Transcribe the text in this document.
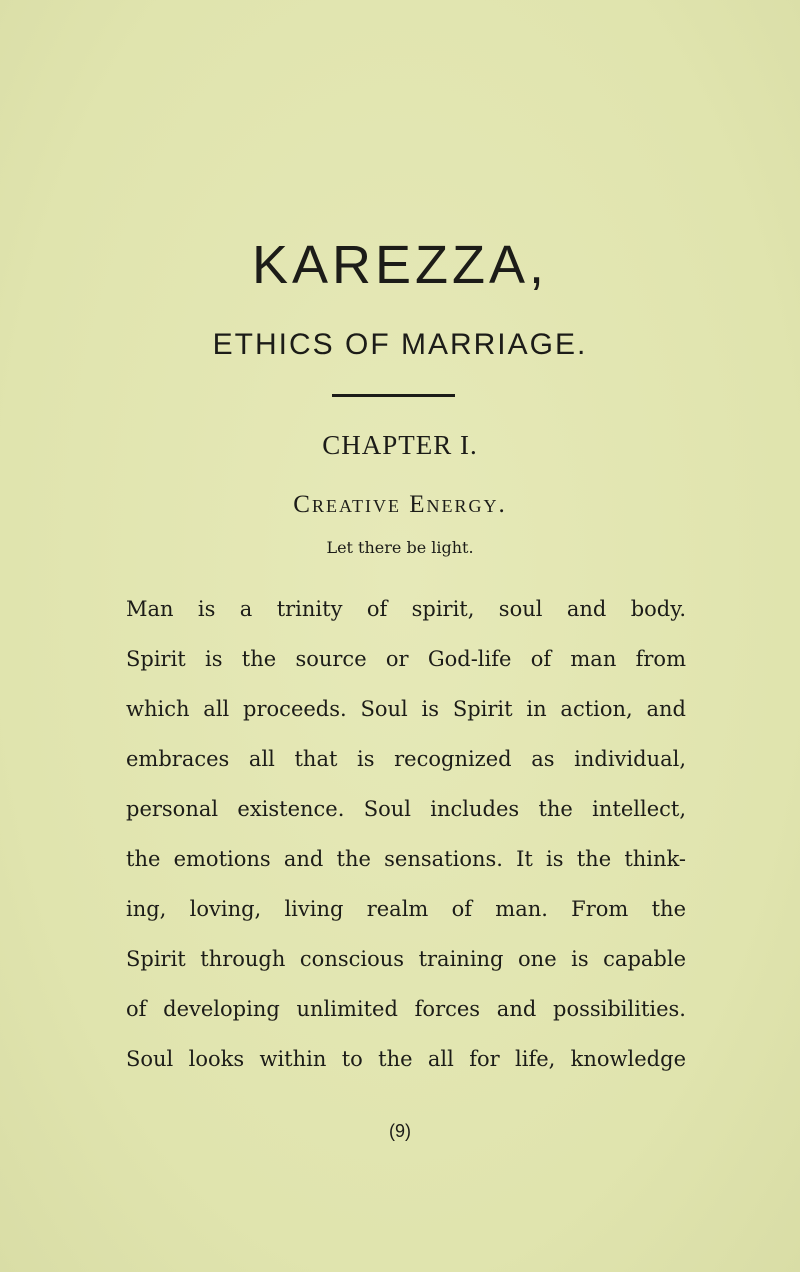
KAREZZA,
ETHICS OF MARRIAGE.
CHAPTER I.
Creative Energy.
Let there be light.
Man is a trinity of spirit, soul and body.
Spirit is the source or God-life of man from
which all proceeds. Soul is Spirit in action, and
embraces all that is recognized as individual,
personal existence. Soul includes the intellect,
the emotions and the sensations. It is the think-
ing, loving, living realm of man. From the
Spirit through conscious training one is capable
of developing unlimited forces and possibilities.
Soul looks within to the all for life, knowledge
(9)
